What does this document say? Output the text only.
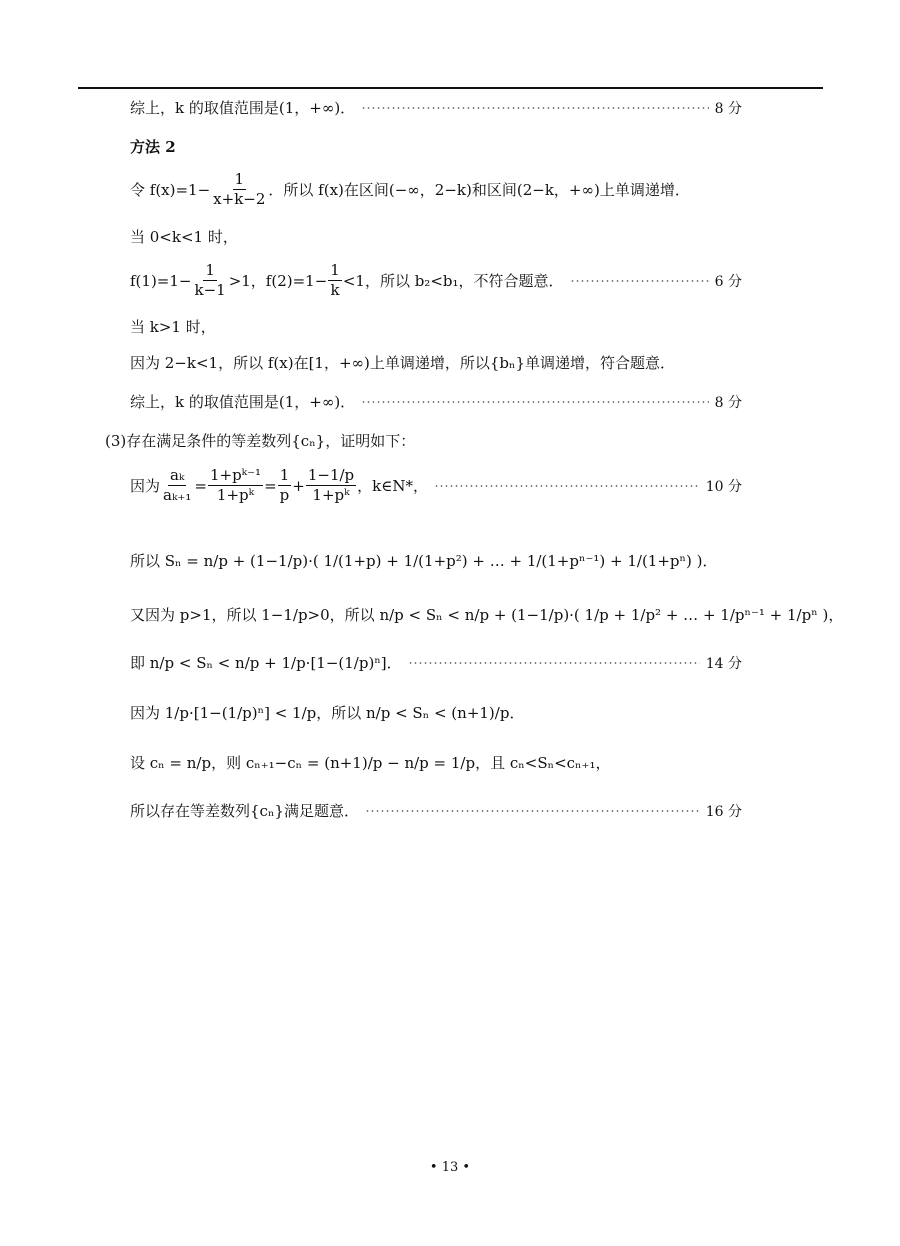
综上，k 的取值范围是(1，+∞)．	8 分
方法 2
令 $f(x)=1- \frac{1}{x+k-2}$ ．所以 f(x)在区间(−∞，2−k)和区间(2−k，+∞)上单调递增．
当 0<k<1 时，
$f(1)=1- \frac{1}{k-1} >1$，$f(2)=1- \frac{1}{k} <1$，所以 b₂<b₁，不符合题意．	6 分
当 k>1 时，
因为 2−k<1，所以 f(x)在[1，+∞)上单调递增，所以{bₙ}单调递增，符合题意．
综上，k 的取值范围是(1，+∞)．	8 分
(3)存在满足条件的等差数列{cₙ}，证明如下：
因为 $\frac{\text{aₖ}}{\text{aₖ₊₁}} = \frac{\text{1+pᵏ⁻¹}}{\text{1+pᵏ}} = \frac{1}{p} + \frac{1-1/p}{\text{1+pᵏ}}$ ，k∈N*，	10 分
所以 Sₙ = n/p + (1−1/p)·( 1/(1+p) + 1/(1+p²) + … + 1/(1+pⁿ⁻¹) + 1/(1+pⁿ) )．
又因为 p>1，所以 1−1/p>0，所以 n/p < Sₙ < n/p + (1−1/p)·( 1/p + 1/p² + … + 1/pⁿ⁻¹ + 1/pⁿ )，
即 n/p < Sₙ < n/p + 1/p·[1−(1/p)ⁿ]．	14 分
因为 1/p·[1−(1/p)ⁿ] < 1/p，所以 n/p < Sₙ < (n+1)/p．
设 cₙ = n/p，则 cₙ₊₁−cₙ = (n+1)/p − n/p = 1/p，且 cₙ<Sₙ<cₙ₊₁，
所以存在等差数列{cₙ}满足题意．	16 分
• 13 •
